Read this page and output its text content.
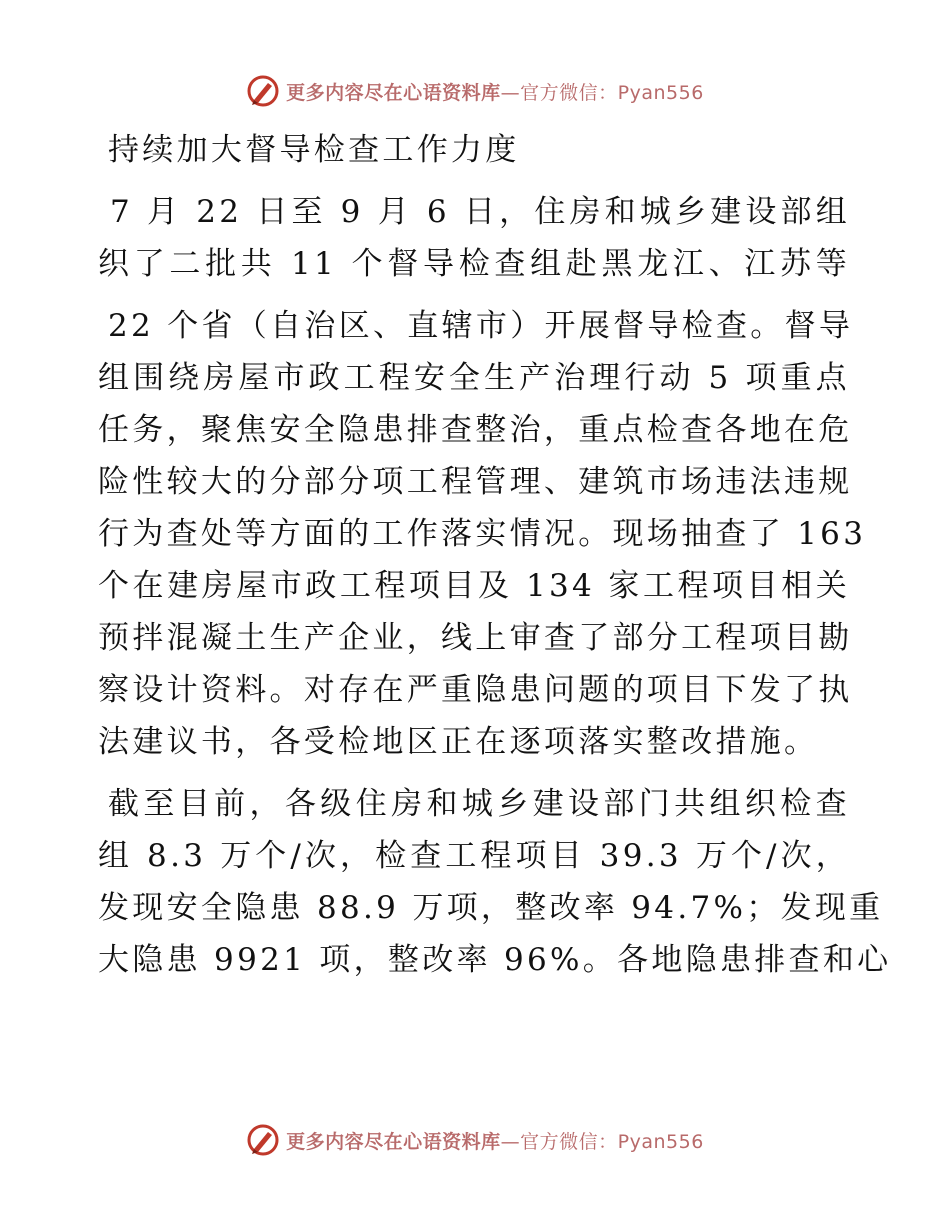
更多内容尽在心语资料库—官方微信：Pyan556
持续加大督导检查工作力度
7 月 22 日至 9 月 6 日，住房和城乡建设部组
织了二批共 11 个督导检查组赴黑龙江、江苏等
22 个省（自治区、直辖市）开展督导检查。督导
组围绕房屋市政工程安全生产治理行动 5 项重点
任务，聚焦安全隐患排查整治，重点检查各地在危
险性较大的分部分项工程管理、建筑市场违法违规
行为查处等方面的工作落实情况。现场抽查了 163
个在建房屋市政工程项目及 134 家工程项目相关
预拌混凝土生产企业，线上审查了部分工程项目勘
察设计资料。对存在严重隐患问题的项目下发了执
法建议书，各受检地区正在逐项落实整改措施。
截至目前，各级住房和城乡建设部门共组织检查
组 8.3 万个/次，检查工程项目 39.3 万个/次，
发现安全隐患 88.9 万项，整改率 94.7%；发现重
大隐患 9921 项，整改率 96%。各地隐患排查和心
更多内容尽在心语资料库—官方微信：Pyan556
